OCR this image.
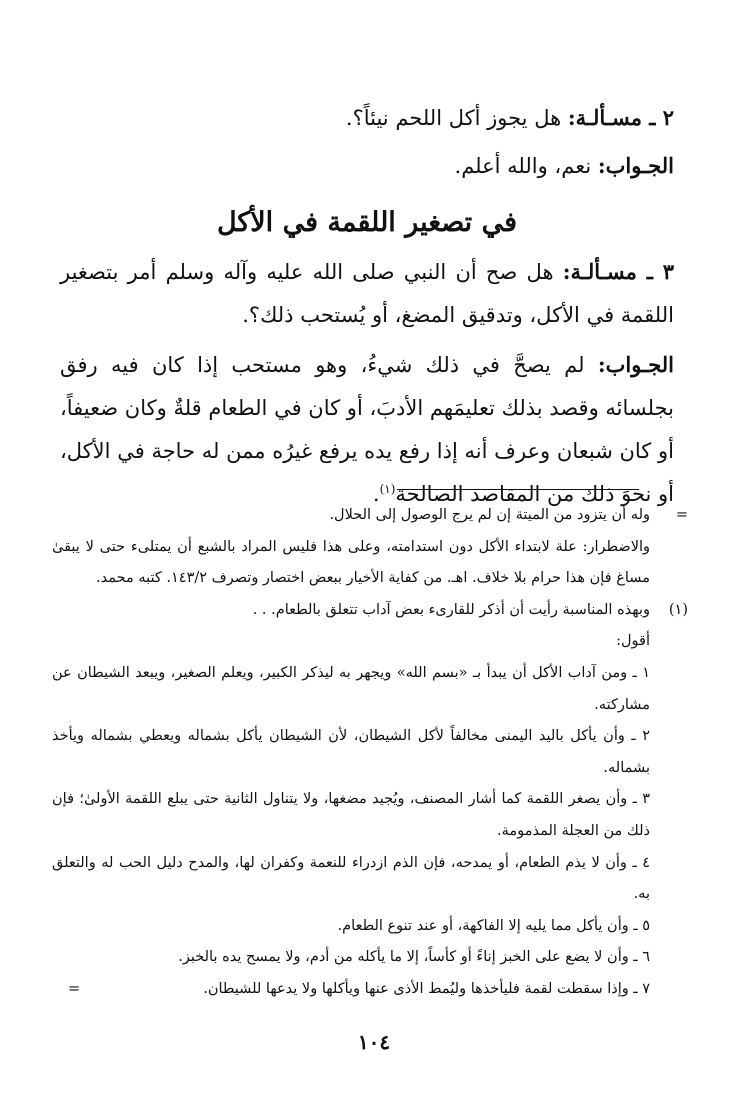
٢ ـ مسـألـة: هل يجوز أكل اللحم نيئاً؟.

الجـواب: نعم، والله أعلم.

في تصغير اللقمة في الأكل

٣ ـ مسـألـة: هل صح أن النبي صلى الله عليه وآله وسلم أمر بتصغير اللقمة في الأكل، وتدقيق المضغ، أو يُستحب ذلك؟.

الجـواب: لم يصحَّ في ذلك شيءُ، وهو مستحب إذا كان فيه رفق بجلسائه وقصد بذلك تعليمَهم الأدبَ، أو كان في الطعام قلةٌ وكان ضعيفاً، أو كان شبعان وعرف أنه إذا رفع يده يرفع غيرُه ممن له حاجة في الأكل، أو نحوَ ذلك من المقاصد الصالحة$^{(١)}$.

=

وله أن يتزود من الميتة إن لم يرج الوصول إلى الحلال.

والاضطرار: علة لابتداء الأكل دون استدامته، وعلى هذا فليس المراد بالشبع أن يمتلىء حتى لا يبقىٰ مساغ فإن هذا حرام بلا خلاف. اهـ. من كفاية الأخيار ببعض اختصار وتصرف ١٤٣/٢. كتبه محمد.

(١)

وبهذه المناسبة رأيت أن أذكر للقارىء بعض آداب تتعلق بالطعام. . .

أقول:

١ ـ ومن آداب الأكل أن يبدأ بـ «بسم الله» ويجهر به ليذكر الكبير، ويعلم الصغير، ويبعد الشيطان عن مشاركته.

٢ ـ وأن يأكل باليد اليمنى مخالفاً لأكل الشيطان، لأن الشيطان يأكل بشماله ويعطي بشماله ويأخذ بشماله.

٣ ـ وأن يصغر اللقمة كما أشار المصنف، ويُجيد مضغها، ولا يتناول الثانية حتى يبلع اللقمة الأولىٰ؛ فإن ذلك من العجلة المذمومة.

٤ ـ وأن لا يذم الطعام، أو يمدحه، فإن الذم ازدراء للنعمة وكفران لها، والمدح دليل الحب له والتعلق به.

٥ ـ وأن يأكل مما يليه إلا الفاكهة، أو عند تنوع الطعام.

٦ ـ وأن لا يضع على الخبز إناءً أو كأساً، إلا ما يأكله من أدم، ولا يمسح يده بالخبز.

٧ ـ وإذا سقطت لقمة فليأخذها وليُمط الأذى عنها ويأكلها ولا يدعها للشيطان.

=
١٠٤
